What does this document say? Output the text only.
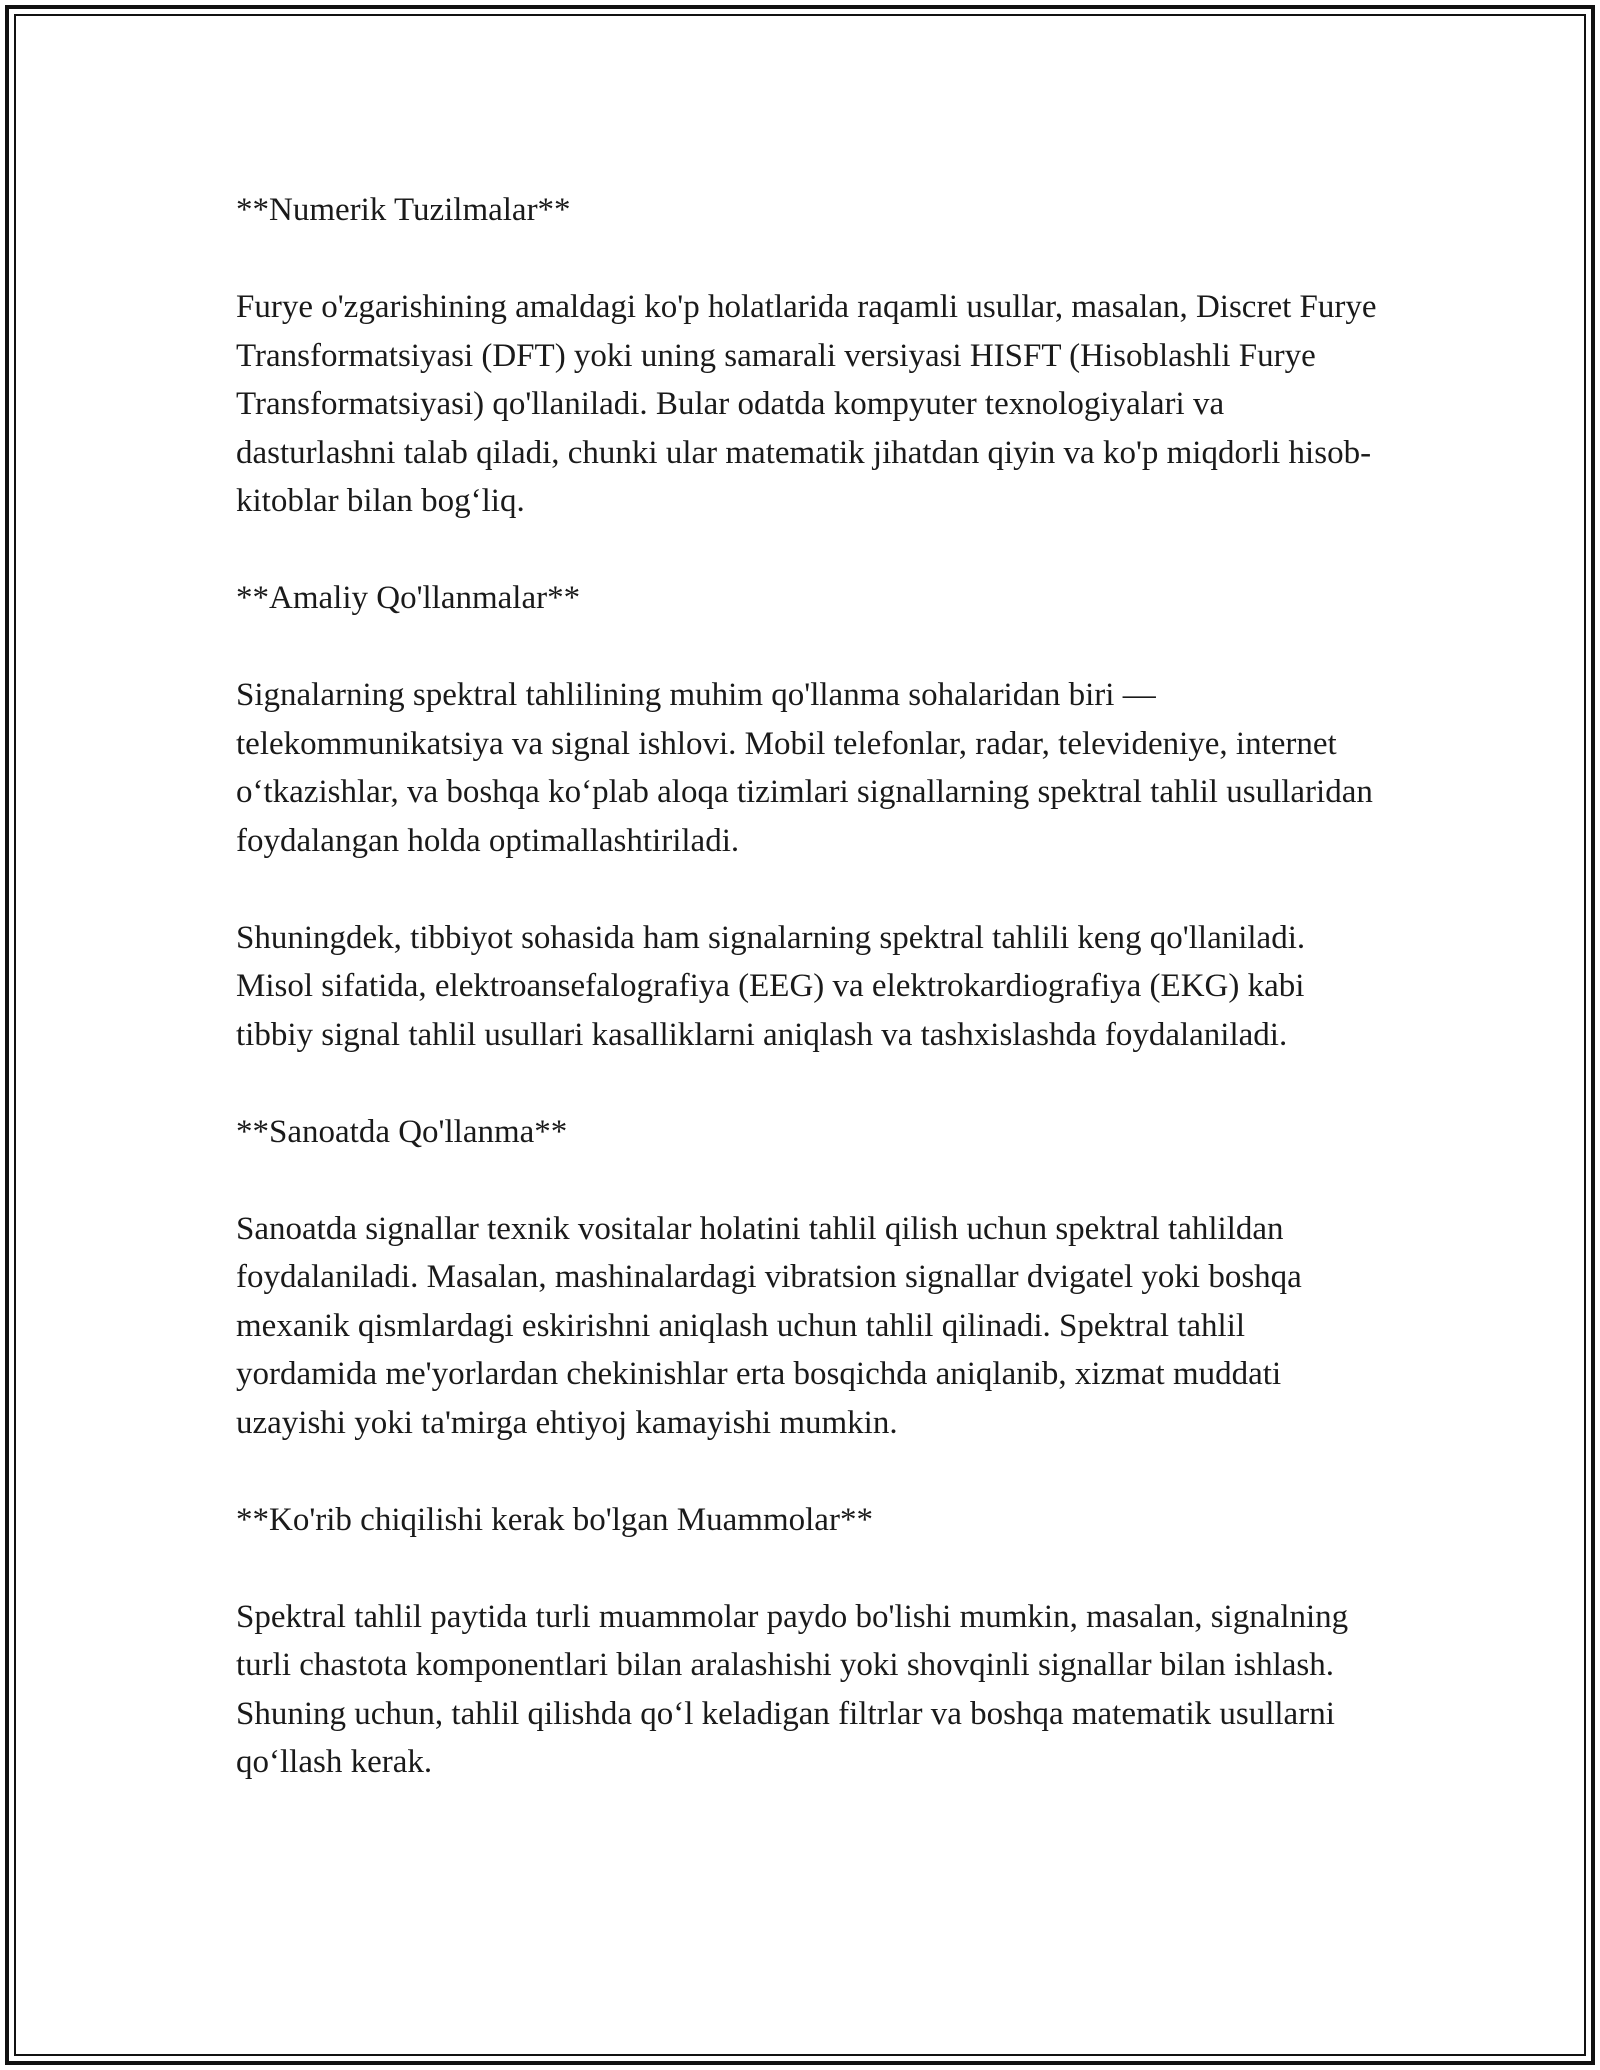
**Numerik Tuzilmalar**

Furye o'zgarishining amaldagi ko'p holatlarida raqamli usullar, masalan, Discret Furye Transformatsiyasi (DFT) yoki uning samarali versiyasi HISFT (Hisoblashli Furye Transformatsiyasi) qo'llaniladi. Bular odatda kompyuter texnologiyalari va dasturlashni talab qiladi, chunki ular matematik jihatdan qiyin va ko'p miqdorli hisob-kitoblar bilan bog‘liq.

**Amaliy Qo'llanmalar**

Signalarning spektral tahlilining muhim qo'llanma sohalaridan biri — telekommunikatsiya va signal ishlovi. Mobil telefonlar, radar, televideniye, internet o‘tkazishlar, va boshqa ko‘plab aloqa tizimlari signallarning spektral tahlil usullaridan foydalangan holda optimallashtiriladi.

Shuningdek, tibbiyot sohasida ham signalarning spektral tahlili keng qo'llaniladi. Misol sifatida, elektroansefalografiya (EEG) va elektrokardiografiya (EKG) kabi tibbiy signal tahlil usullari kasalliklarni aniqlash va tashxislashda foydalaniladi.

**Sanoatda Qo'llanma**

Sanoatda signallar texnik vositalar holatini tahlil qilish uchun spektral tahlildan foydalaniladi. Masalan, mashinalardagi vibratsion signallar dvigatel yoki boshqa mexanik qismlardagi eskirishni aniqlash uchun tahlil qilinadi. Spektral tahlil yordamida me'yorlardan chekinishlar erta bosqichda aniqlanib, xizmat muddati uzayishi yoki ta'mirga ehtiyoj kamayishi mumkin.

**Ko'rib chiqilishi kerak bo'lgan Muammolar**

Spektral tahlil paytida turli muammolar paydo bo'lishi mumkin, masalan, signalning turli chastota komponentlari bilan aralashishi yoki shovqinli signallar bilan ishlash. Shuning uchun, tahlil qilishda qo‘l keladigan filtrlar va boshqa matematik usullarni qo‘llash kerak.
